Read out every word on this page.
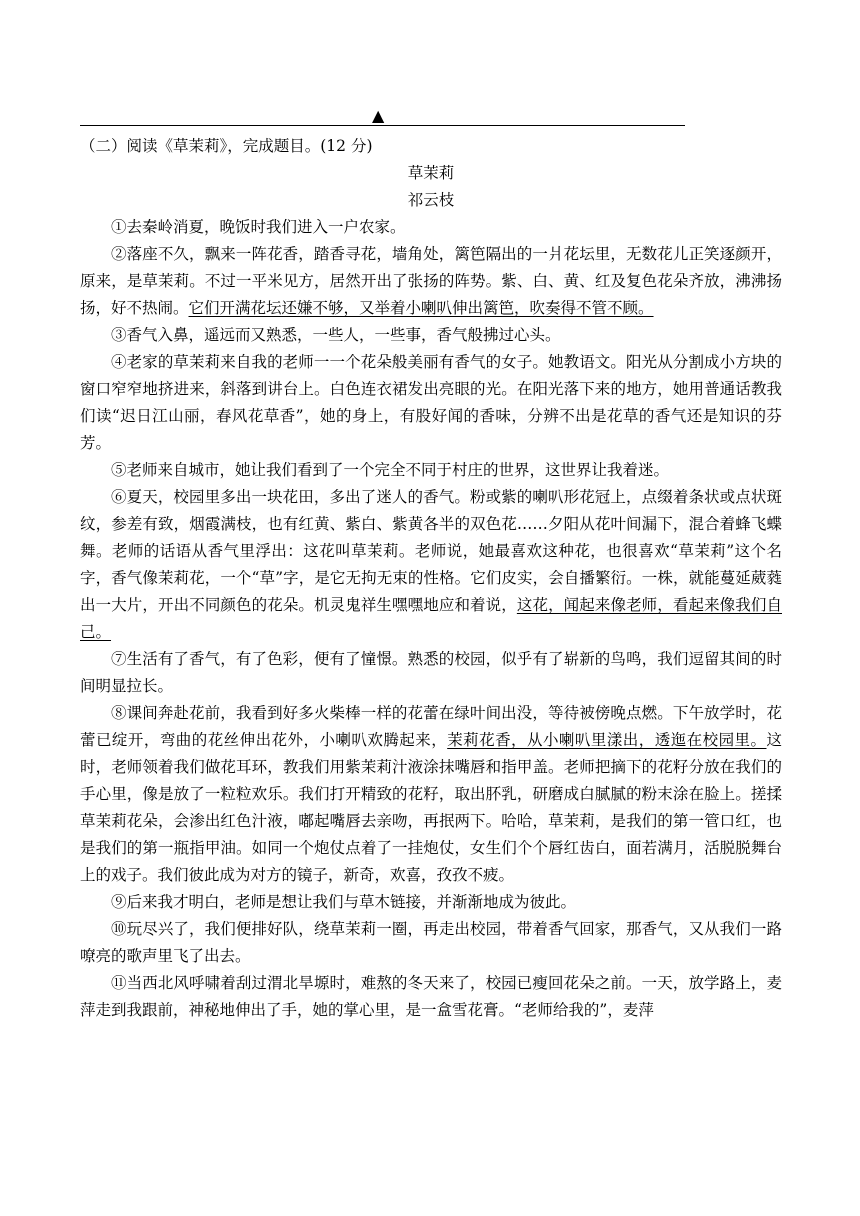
▲

（二）阅读《草茉莉》，完成题目。(12 分)

草茉莉

祁云枝

①去秦岭消夏，晚饭时我们进入一户农家。

②落座不久，飘来一阵花香，踏香寻花，墙角处，篱笆隔出的一爿花坛里，无数花儿正笑逐颜开，原来，是草茉莉。不过一平米见方，居然开出了张扬的阵势。紫、白、黄、红及复色花朵齐放，沸沸扬扬，好不热闹。它们开满花坛还嫌不够，又举着小喇叭伸出篱笆，吹奏得不管不顾。

③香气入鼻，遥远而又熟悉，一些人，一些事，香气般拂过心头。

④老家的草茉莉来自我的老师一一个花朵般美丽有香气的女子。她教语文。阳光从分割成小方块的窗口窄窄地挤进来，斜落到讲台上。白色连衣裙发出亮眼的光。在阳光落下来的地方，她用普通话教我们读“迟日江山丽，春风花草香”，她的身上，有股好闻的香味，分辨不出是花草的香气还是知识的芬芳。

⑤老师来自城市，她让我们看到了一个完全不同于村庄的世界，这世界让我着迷。

⑥夏天，校园里多出一块花田，多出了迷人的香气。粉或紫的喇叭形花冠上，点缀着条状或点状斑纹，参差有致，烟霞满枝，也有红黄、紫白、紫黄各半的双色花……夕阳从花叶间漏下，混合着蜂飞蝶舞。老师的话语从香气里浮出：这花叫草茉莉。老师说，她最喜欢这种花，也很喜欢“草茉莉”这个名字，香气像茉莉花，一个“草”字，是它无拘无束的性格。它们皮实，会自播繁衍。一株，就能蔓延葳蕤出一大片，开出不同颜色的花朵。机灵鬼祥生嘿嘿地应和着说，这花，闻起来像老师，看起来像我们自己。

⑦生活有了香气，有了色彩，便有了憧憬。熟悉的校园，似乎有了崭新的鸟鸣，我们逗留其间的时间明显拉长。

⑧课间奔赴花前，我看到好多火柴棒一样的花蕾在绿叶间出没，等待被傍晚点燃。下午放学时，花蕾已绽开，弯曲的花丝伸出花外，小喇叭欢腾起来，茉莉花香，从小喇叭里漾出，透迤在校园里。这时，老师领着我们做花耳环，教我们用紫茉莉汁液涂抹嘴唇和指甲盖。老师把摘下的花籽分放在我们的手心里，像是放了一粒粒欢乐。我们打开精致的花籽，取出肧乳，研磨成白腻腻的粉末涂在脸上。搓揉草茉莉花朵，会渗出红色汁液，嘟起嘴唇去亲吻，再抿两下。哈哈，草茉莉，是我们的第一管口红，也是我们的第一瓶指甲油。如同一个炮仗点着了一挂炮仗，女生们个个唇红齿白，面若满月，活脱脱舞台上的戏子。我们彼此成为对方的镜子，新奇，欢喜，孜孜不疲。

⑨后来我才明白，老师是想让我们与草木链接，并渐渐地成为彼此。

⑩玩尽兴了，我们便排好队，绕草茉莉一圈，再走出校园，带着香气回家，那香气，又从我们一路嘹亮的歌声里飞了出去。

⑪当西北风呼啸着刮过渭北旱塬时，难熬的冬天来了，校园已瘦回花朵之前。一天，放学路上，麦萍走到我跟前，神秘地伸出了手，她的掌心里，是一盒雪花膏。“老师给我的”，麦萍
